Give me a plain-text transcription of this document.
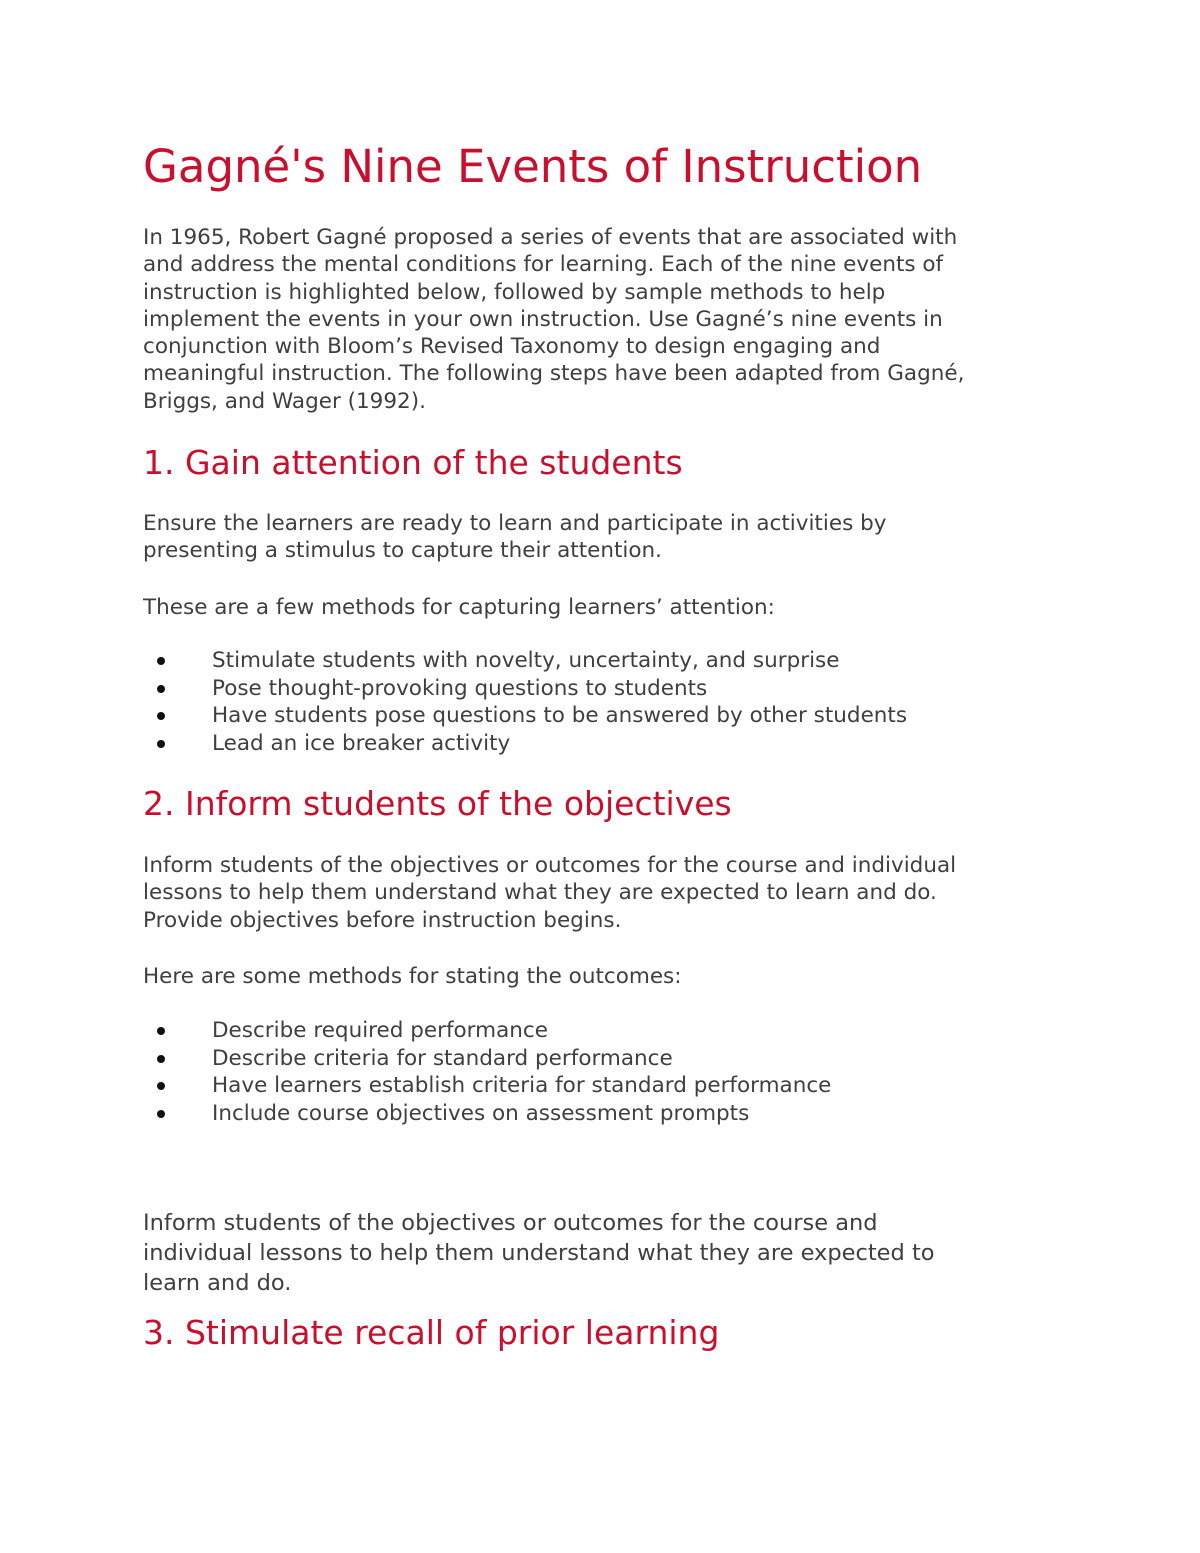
Gagné's Nine Events of Instruction

In 1965, Robert Gagné proposed a series of events that are associated with
and address the mental conditions for learning. Each of the nine events of
instruction is highlighted below, followed by sample methods to help
implement the events in your own instruction. Use Gagné’s nine events in
conjunction with Bloom’s Revised Taxonomy to design engaging and
meaningful instruction. The following steps have been adapted from Gagné,
Briggs, and Wager (1992).

1. Gain attention of the students

Ensure the learners are ready to learn and participate in activities by
presenting a stimulus to capture their attention.

These are a few methods for capturing learners’ attention:

Stimulate students with novelty, uncertainty, and surprise
Pose thought-provoking questions to students
Have students pose questions to be answered by other students
Lead an ice breaker activity
2. Inform students of the objectives

Inform students of the objectives or outcomes for the course and individual
lessons to help them understand what they are expected to learn and do.
Provide objectives before instruction begins.

Here are some methods for stating the outcomes:

Describe required performance
Describe criteria for standard performance
Have learners establish criteria for standard performance
Include course objectives on assessment prompts

Inform students of the objectives or outcomes for the course and
individual lessons to help them understand what they are expected to
learn and do.

3. Stimulate recall of prior learning
